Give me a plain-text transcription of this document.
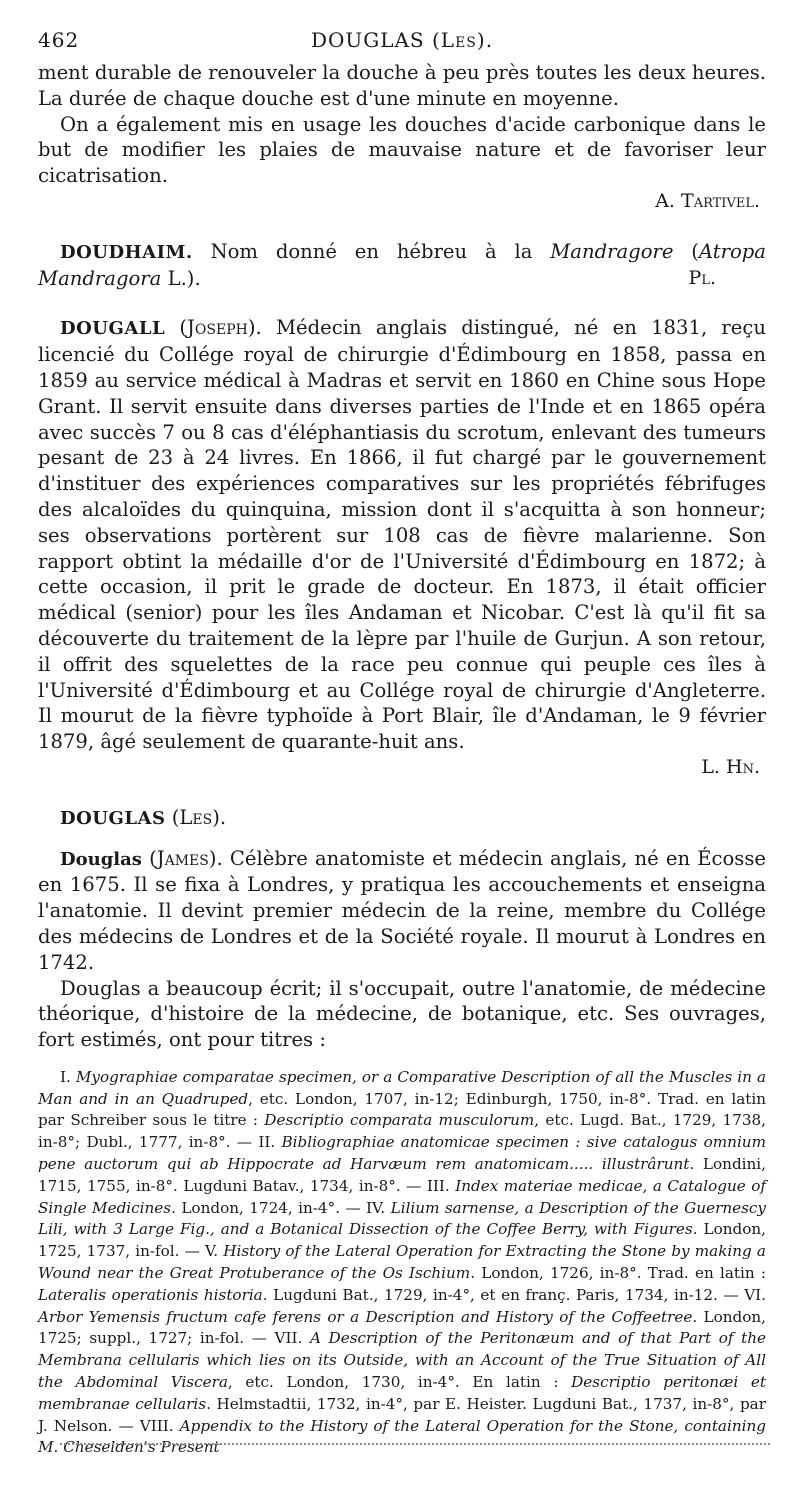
462	DOUGLAS (Les).

ment durable de renouveler la douche à peu près toutes les deux heures. La durée de chaque douche est d'une minute en moyenne.

On a également mis en usage les douches d'acide carbonique dans le but de modifier les plaies de mauvaise nature et de favoriser leur cicatrisation.

A. Tartivel.

DOUDHAIM. Nom donné en hébreu à la Mandragore (Atropa Mandragora L.).	Pl.

DOUGALL (Joseph). Médecin anglais distingué, né en 1831, reçu licencié du Collége royal de chirurgie d'Édimbourg en 1858, passa en 1859 au service médical à Madras et servit en 1860 en Chine sous Hope Grant. Il servit ensuite dans diverses parties de l'Inde et en 1865 opéra avec succès 7 ou 8 cas d'éléphantiasis du scrotum, enlevant des tumeurs pesant de 23 à 24 livres. En 1866, il fut chargé par le gouvernement d'instituer des expériences comparatives sur les propriétés fébrifuges des alcaloïdes du quinquina, mission dont il s'acquitta à son honneur; ses observations portèrent sur 108 cas de fièvre malarienne. Son rapport obtint la médaille d'or de l'Université d'Édimbourg en 1872; à cette occasion, il prit le grade de docteur. En 1873, il était officier médical (senior) pour les îles Andaman et Nicobar. C'est là qu'il fit sa découverte du traitement de la lèpre par l'huile de Gurjun. A son retour, il offrit des squelettes de la race peu connue qui peuple ces îles à l'Université d'Édimbourg et au Collége royal de chirurgie d'Angleterre. Il mourut de la fièvre typhoïde à Port Blair, île d'Andaman, le 9 février 1879, âgé seulement de quarante-huit ans.

L. Hn.

DOUGLAS (Les).

Douglas (James). Célèbre anatomiste et médecin anglais, né en Écosse en 1675. Il se fixa à Londres, y pratiqua les accouchements et enseigna l'anatomie. Il devint premier médecin de la reine, membre du Collége des médecins de Londres et de la Société royale. Il mourut à Londres en 1742.

Douglas a beaucoup écrit; il s'occupait, outre l'anatomie, de médecine théorique, d'histoire de la médecine, de botanique, etc. Ses ouvrages, fort estimés, ont pour titres :

I. Myographiae comparatae specimen, or a Comparative Description of all the Muscles in a Man and in an Quadruped, etc. London, 1707, in-12; Edinburgh, 1750, in-8°. Trad. en latin par Schreiber sous le titre : Descriptio comparata musculorum, etc. Lugd. Bat., 1729, 1738, in-8°; Dubl., 1777, in-8°. — II. Bibliographiae anatomicae specimen : sive catalogus omnium pene auctorum qui ab Hippocrate ad Harvæum rem anatomicam..... illustrârunt. Londini, 1715, 1755, in-8°. Lugduni Batav., 1734, in-8°. — III. Index materiae medicae, a Catalogue of Single Medicines. London, 1724, in-4°. — IV. Lilium sarnense, a Description of the Guernescy Lili, with 3 Large Fig., and a Botanical Dissection of the Coffee Berry, with Figures. London, 1725, 1737, in-fol. — V. History of the Lateral Operation for Extracting the Stone by making a Wound near the Great Protuberance of the Os Ischium. London, 1726, in-8°. Trad. en latin : Lateralis operationis historia. Lugduni Bat., 1729, in-4°, et en franç. Paris, 1734, in-12. — VI. Arbor Yemensis fructum cafe ferens or a Description and History of the Coffeetree. London, 1725; suppl., 1727; in-fol. — VII. A Description of the Peritonæum and of that Part of the Membrana cellularis which lies on its Outside, with an Account of the True Situation of All the Abdominal Viscera, etc. London, 1730, in-4°. En latin : Descriptio peritonæi et membranae cellularis. Helmstadtii, 1732, in-4°, par E. Heister. Lugduni Bat., 1737, in-8°, par J. Nelson. — VIII. Appendix to the History of the Lateral Operation for the Stone, containing M. Cheselden's Present
